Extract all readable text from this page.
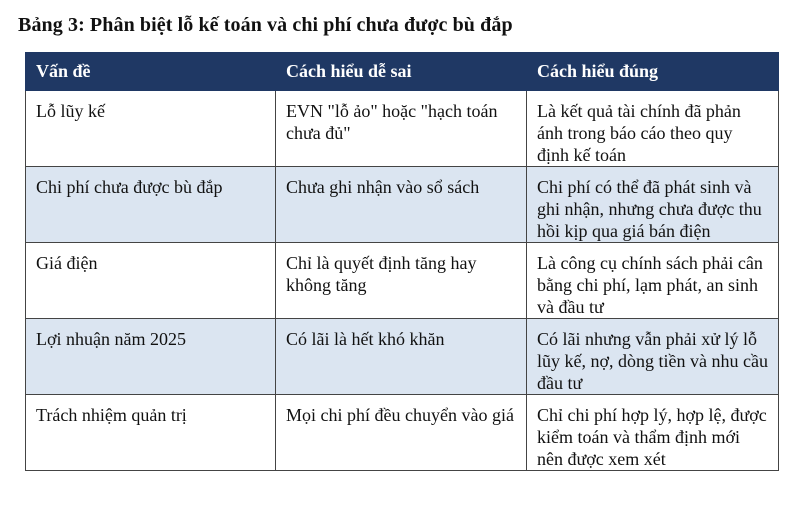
Bảng 3: Phân biệt lỗ kế toán và chi phí chưa được bù đắp
Vấn đề	Cách hiểu dễ sai	Cách hiểu đúng
Lỗ lũy kế	EVN "lỗ ảo" hoặc "hạch toán chưa đủ"	Là kết quả tài chính đã phản ánh trong báo cáo theo quy định kế toán
Chi phí chưa được bù đắp	Chưa ghi nhận vào sổ sách	Chi phí có thể đã phát sinh và ghi nhận, nhưng chưa được thu hồi kịp qua giá bán điện
Giá điện	Chỉ là quyết định tăng hay không tăng	Là công cụ chính sách phải cân bằng chi phí, lạm phát, an sinh và đầu tư
Lợi nhuận năm 2025	Có lãi là hết khó khăn	Có lãi nhưng vẫn phải xử lý lỗ lũy kế, nợ, dòng tiền và nhu cầu đầu tư
Trách nhiệm quản trị	Mọi chi phí đều chuyển vào giá	Chỉ chi phí hợp lý, hợp lệ, được kiểm toán và thẩm định mới nên được xem xét
